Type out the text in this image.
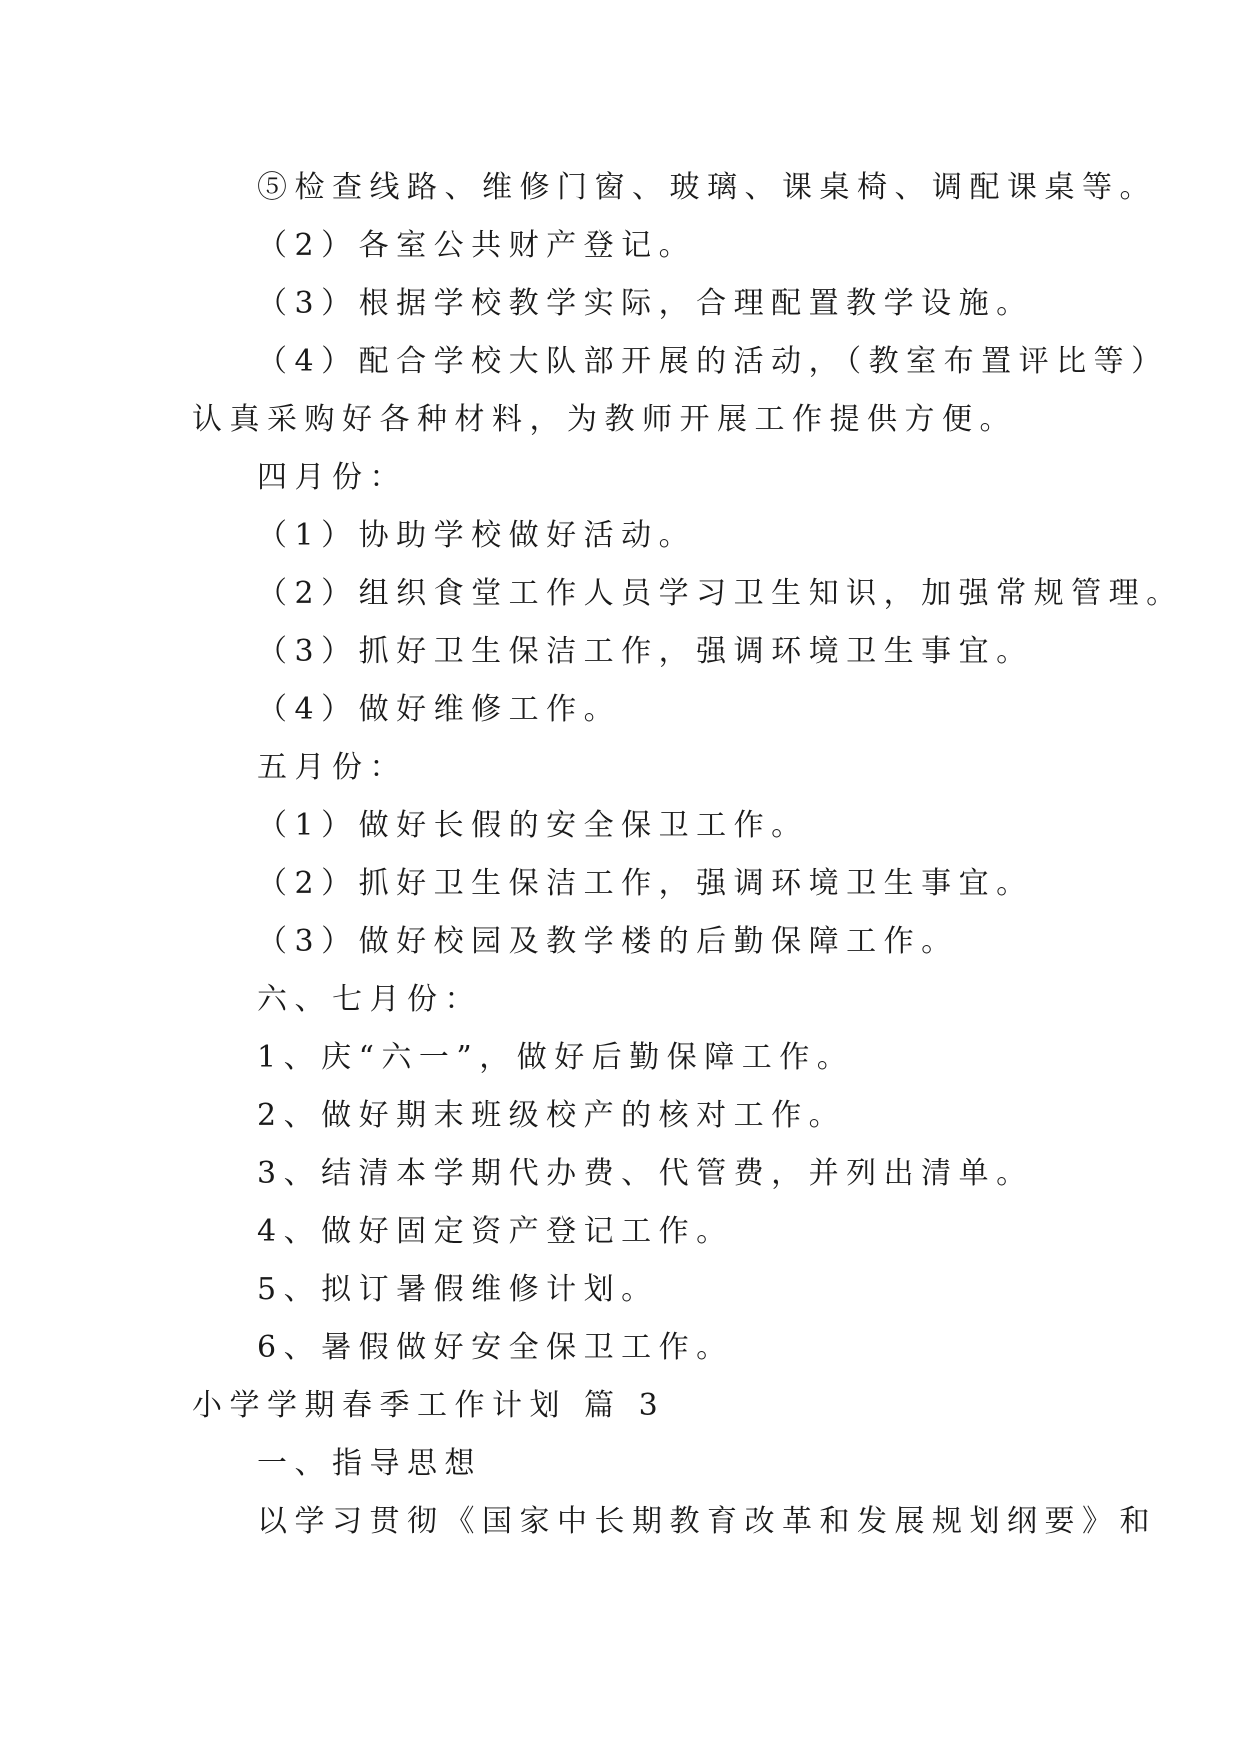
⑤检查线路、维修门窗、玻璃、课桌椅、调配课桌等。
（2）各室公共财产登记。
（3）根据学校教学实际，合理配置教学设施。
（4）配合学校大队部开展的活动，（教室布置评比等）
认真采购好各种材料，为教师开展工作提供方便。
四月份：
（1）协助学校做好活动。
（2）组织食堂工作人员学习卫生知识，加强常规管理。
（3）抓好卫生保洁工作，强调环境卫生事宜。
（4）做好维修工作。
五月份：
（1）做好长假的安全保卫工作。
（2）抓好卫生保洁工作，强调环境卫生事宜。
（3）做好校园及教学楼的后勤保障工作。
六、七月份：
1、庆“六一”，做好后勤保障工作。
2、做好期末班级校产的核对工作。
3、结清本学期代办费、代管费，并列出清单。
4、做好固定资产登记工作。
5、拟订暑假维修计划。
6、暑假做好安全保卫工作。
小学学期春季工作计划 篇 3
一、指导思想
以学习贯彻《国家中长期教育改革和发展规划纲要》和
